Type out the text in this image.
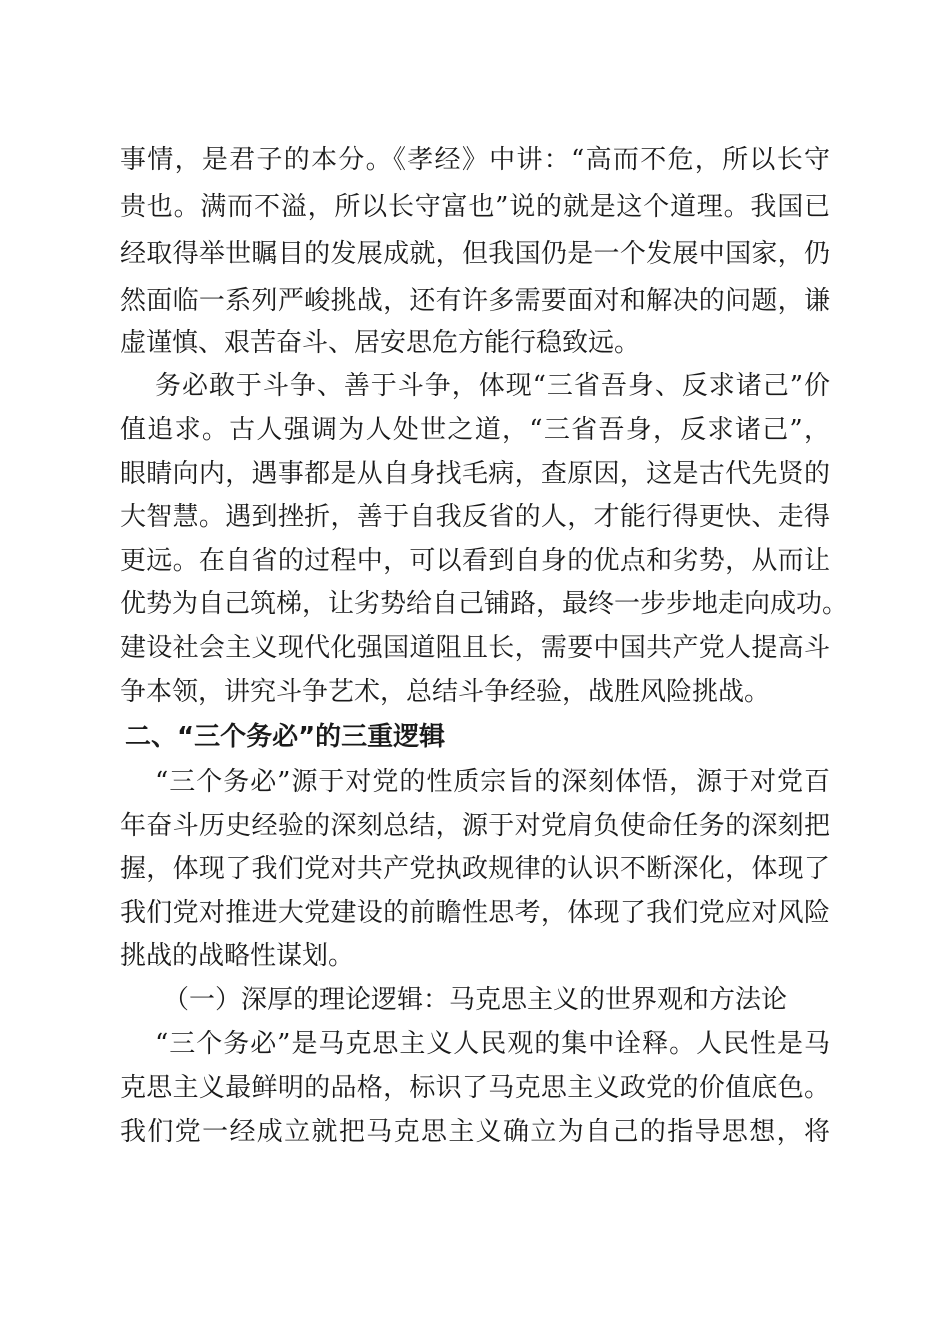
事情，是君子的本分。《孝经》中讲：“高而不危，所以长守
贵也。满而不溢，所以长守富也”说的就是这个道理。我国已
经取得举世瞩目的发展成就，但我国仍是一个发展中国家，仍
然面临一系列严峻挑战，还有许多需要面对和解决的问题，谦
虚谨慎、艰苦奋斗、居安思危方能行稳致远。
务必敢于斗争、善于斗争，体现“三省吾身、反求诸己”价
值追求。古人强调为人处世之道，“三省吾身，反求诸己”，
眼睛向内，遇事都是从自身找毛病，查原因，这是古代先贤的
大智慧。遇到挫折，善于自我反省的人，才能行得更快、走得
更远。在自省的过程中，可以看到自身的优点和劣势，从而让
优势为自己筑梯，让劣势给自己铺路，最终一步步地走向成功。
建设社会主义现代化强国道阻且长，需要中国共产党人提高斗
争本领，讲究斗争艺术，总结斗争经验，战胜风险挑战。
二、“三个务必”的三重逻辑
“三个务必”源于对党的性质宗旨的深刻体悟，源于对党百
年奋斗历史经验的深刻总结，源于对党肩负使命任务的深刻把
握，体现了我们党对共产党执政规律的认识不断深化，体现了
我们党对推进大党建设的前瞻性思考，体现了我们党应对风险
挑战的战略性谋划。
（一）深厚的理论逻辑：马克思主义的世界观和方法论
“三个务必”是马克思主义人民观的集中诠释。人民性是马
克思主义最鲜明的品格，标识了马克思主义政党的价值底色。
我们党一经成立就把马克思主义确立为自己的指导思想，将
